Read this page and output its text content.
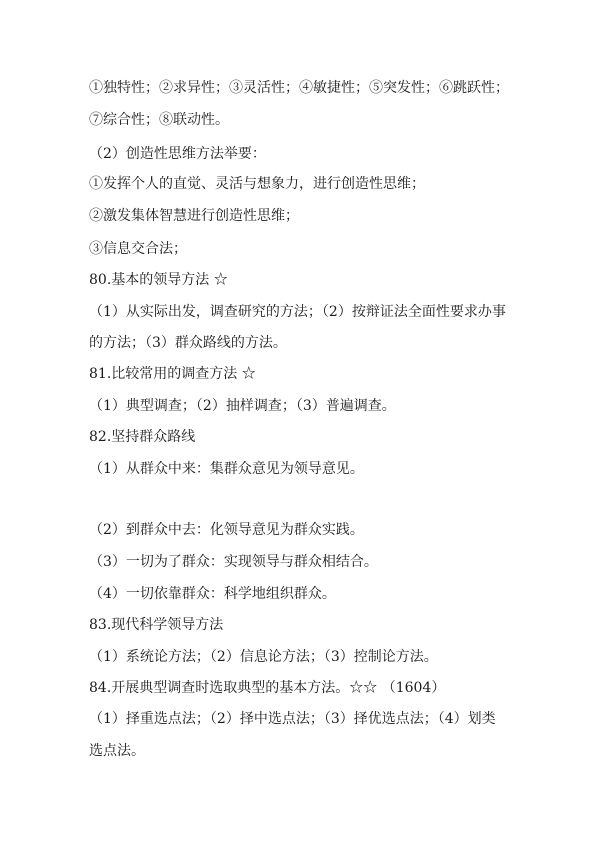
①独特性；②求异性；③灵活性；④敏捷性；⑤突发性；⑥跳跃性；
⑦综合性；⑧联动性。
（2）创造性思维方法举要：
①发挥个人的直觉、灵活与想象力，进行创造性思维；
②激发集体智慧进行创造性思维；
③信息交合法；
80.基本的领导方法 ☆
（1）从实际出发，调查研究的方法；（2）按辩证法全面性要求办事
的方法；（3）群众路线的方法。
81.比较常用的调查方法 ☆
（1）典型调查；（2）抽样调查；（3）普遍调查。
82.坚持群众路线
（1）从群众中来：集群众意见为领导意见。
（2）到群众中去：化领导意见为群众实践。
（3）一切为了群众：实现领导与群众相结合。
（4）一切依靠群众：科学地组织群众。
83.现代科学领导方法
（1）系统论方法；（2）信息论方法；（3）控制论方法。
84.开展典型调查时选取典型的基本方法。☆☆ （1604）
（1）择重选点法；（2）择中选点法；（3）择优选点法；（4）划类
选点法。
